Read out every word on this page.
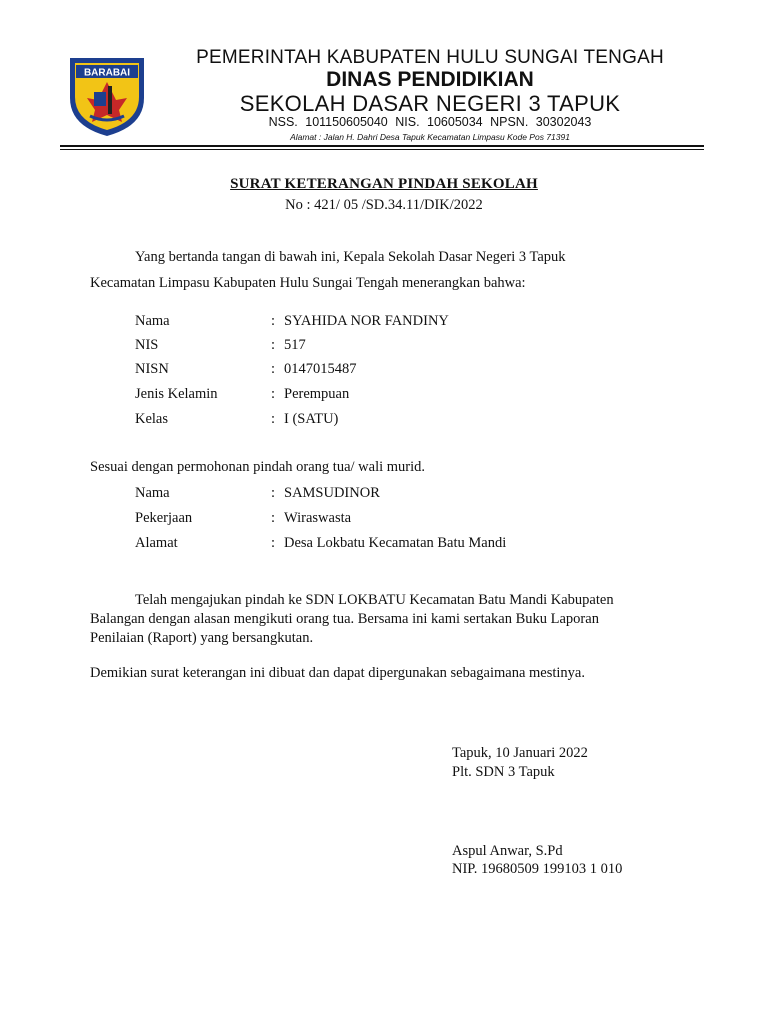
BARABAI
PEMERINTAH KABUPATEN HULU SUNGAI TENGAH
DINAS PENDIDIKIAN
SEKOLAH DASAR NEGERI 3 TAPUK
NSS. 101150605040 NIS. 10605034 NPSN. 30302043
Alamat : Jalan H. Dahri Desa Tapuk Kecamatan Limpasu Kode Pos 71391
SURAT KETERANGAN PINDAH SEKOLAH
No : 421/ 05 /SD.34.11/DIK/2022
Yang bertanda tangan di bawah ini, Kepala Sekolah Dasar Negeri 3 Tapuk
Kecamatan Limpasu Kabupaten Hulu Sungai Tengah menerangkan bahwa:
Nama	: SYAHIDA NOR FANDINY
NIS	: 517
NISN	: 0147015487
Jenis Kelamin	: Perempuan
Kelas	: I (SATU)
Sesuai dengan permohonan pindah orang tua/ wali murid.
Nama	: SAMSUDINOR
Pekerjaan	: Wiraswasta
Alamat	: Desa Lokbatu Kecamatan Batu Mandi
Telah mengajukan pindah ke SDN LOKBATU Kecamatan Batu Mandi Kabupaten
Balangan dengan alasan mengikuti orang tua. Bersama ini kami sertakan Buku Laporan
Penilaian (Raport) yang bersangkutan.
Demikian surat keterangan ini dibuat dan dapat dipergunakan sebagaimana mestinya.
Tapuk, 10 Januari 2022
Plt. SDN 3 Tapuk
Aspul Anwar, S.Pd
NIP. 19680509 199103 1 010
